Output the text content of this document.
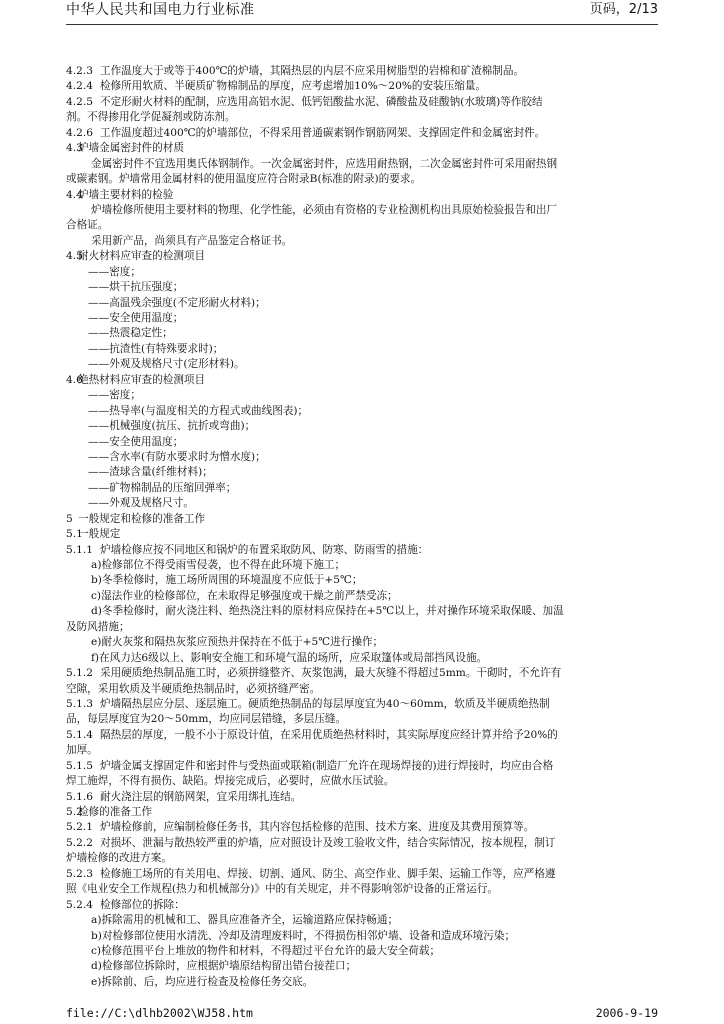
中华人民共和国电力行业标准	页码，2/13
4.2.3 工作温度大于或等于400℃的炉墙，其隔热层的内层不应采用树脂型的岩棉和矿渣棉制品。
4.2.4 检修所用软质、半硬质矿物棉制品的厚度，应考虑增加10%～20%的安装压缩量。
4.2.5 不定形耐火材料的配制，应选用高铝水泥、低钙铝酸盐水泥、磷酸盐及硅酸钠(水玻璃)等作胶结
剂。不得掺用化学促凝剂或防冻剂。
4.2.6 工作温度超过400℃的炉墙部位，不得采用普通碳素钢作钢筋网架、支撑固定件和金属密封件。
4.3
炉墙金属密封件的材质
金属密封件不宜选用奥氏体钢制作。一次金属密封件，应选用耐热钢，二次金属密封件可采用耐热钢
或碳素钢。炉墙常用金属材料的使用温度应符合附录B(标准的附录)的要求。
4.4
炉墙主要材料的检验
炉墙检修所使用主要材料的物理、化学性能，必须由有资格的专业检测机构出具原始检验报告和出厂
合格证。
采用新产品，尚须具有产品鉴定合格证书。
4.5
耐火材料应审查的检测项目
——密度；
——烘干抗压强度；
——高温残余强度(不定形耐火材料)；
——安全使用温度；
——热震稳定性；
——抗渣性(有特殊要求时)；
——外观及规格尺寸(定形材料)。
4.6
绝热材料应审查的检测项目
——密度；
——热导率(与温度相关的方程式或曲线图表)；
——机械强度(抗压、抗折或弯曲)；
——安全使用温度；
——含水率(有防水要求时为憎水度)；
——渣球含量(纤维材料)；
——矿物棉制品的压缩回弹率；
——外观及规格尺寸。
5 一般规定和检修的准备工作
5.1
一般规定
5.1.1 炉墙检修应按不同地区和锅炉的布置采取防风、防寒、防雨雪的措施：
a)检修部位不得受雨雪侵袭，也不得在此环境下施工；
b)冬季检修时，施工场所周围的环境温度不应低于+5℃；
c)湿法作业的检修部位，在未取得足够强度或干燥之前严禁受冻；
d)冬季检修时，耐火浇注料、绝热浇注料的原材料应保持在+5℃以上，并对操作环境采取保暖、加温
及防风措施；
e)耐火灰浆和隔热灰浆应预热并保持在不低于+5℃进行操作；
f)在风力达6级以上、影响安全施工和环境气温的场所，应采取篷体或局部挡风设施。
5.1.2 采用硬质绝热制品施工时，必须拼缝整齐、灰浆饱满，最大灰缝不得超过5mm。干砌时，不允许有
空隙，采用软质及半硬质绝热制品时，必须挤缝严密。
5.1.3 炉墙隔热层应分层、逐层施工。硬质绝热制品的每层厚度宜为40～60mm，软质及半硬质绝热制
品，每层厚度宜为20～50mm，均应同层错缝，多层压缝。
5.1.4 隔热层的厚度，一般不小于原设计值，在采用优质绝热材料时，其实际厚度应经计算并给予20%的
加厚。
5.1.5 炉墙金属支撑固定件和密封件与受热面或联箱(制造厂允许在现场焊接的)进行焊接时，均应由合格
焊工施焊，不得有损伤、缺陷。焊接完成后，必要时，应做水压试验。
5.1.6 耐火浇注层的钢筋网架，宜采用绑扎连结。
5.2
检修的准备工作
5.2.1 炉墙检修前，应编制检修任务书，其内容包括检修的范围、技术方案、进度及其费用预算等。
5.2.2 对损坏、泄漏与散热较严重的炉墙，应对照设计及竣工验收文件，结合实际情况，按本规程，制订
炉墙检修的改进方案。
5.2.3 检修施工场所的有关用电、焊接、切割、通风、防尘、高空作业、脚手架、运输工作等，应严格遵
照《电业安全工作规程(热力和机械部分)》中的有关规定，并不得影响邻炉设备的正常运行。
5.2.4 检修部位的拆除：
a)拆除需用的机械和工、器具应准备齐全，运输道路应保持畅通；
b)对检修部位使用水清洗、冷却及清理废料时，不得损伤相邻炉墙、设备和造成环境污染；
c)检修范围平台上堆放的物件和材料，不得超过平台允许的最大安全荷载；
d)检修部位拆除时，应根据炉墙原结构留出错台接茬口；
e)拆除前、后，均应进行检查及检修任务交底。
file://C:\dlhb2002\WJ58.htm	2006-9-19
